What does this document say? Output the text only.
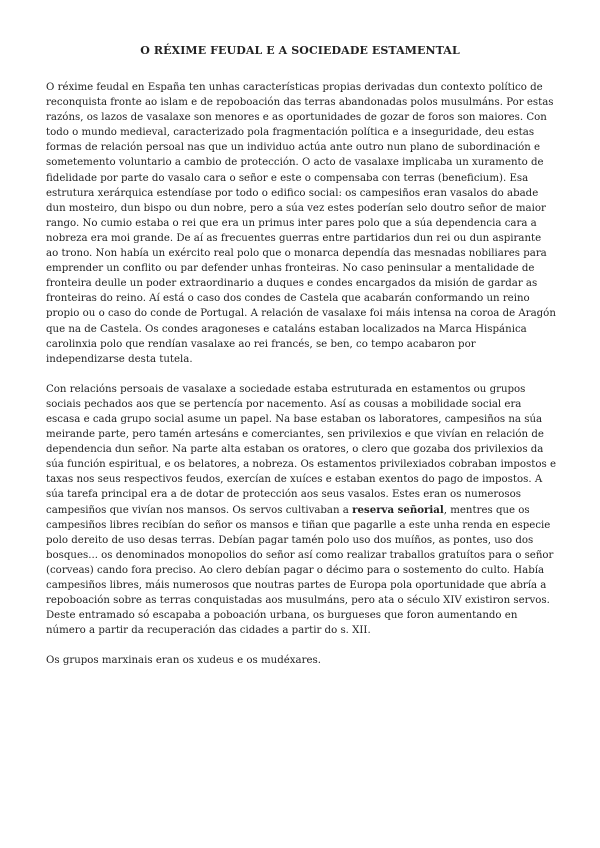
O RÉXIME FEUDAL E A SOCIEDADE ESTAMENTAL

O réxime feudal en España ten unhas características propias derivadas dun contexto político de reconquista fronte ao islam e de repoboación das terras abandonadas polos musulmáns. Por estas razóns, os lazos de vasalaxe son menores e as oportunidades de gozar de foros son maiores. Con todo o mundo medieval, caracterizado pola fragmentación política e a inseguridade, deu estas formas de relación persoal nas que un individuo actúa ante outro nun plano de subordinación e sometemento voluntario a cambio de protección. O acto de vasalaxe implicaba un xuramento de fidelidade por parte do vasalo cara o señor e este o compensaba con terras (beneficium). Esa estrutura xerárquica estendíase por todo o edifico social: os campesiños eran vasalos do abade dun mosteiro, dun bispo ou dun nobre, pero a súa vez estes poderían selo doutro señor de maior rango. No cumio estaba o rei que era un primus inter pares polo que a súa dependencia cara a nobreza era moi grande. De aí as frecuentes guerras entre partidarios dun rei ou dun aspirante ao trono. Non había un exército real polo que o monarca dependía das mesnadas nobiliares para emprender un conflito ou par defender unhas fronteiras. No caso peninsular a mentalidade de fronteira deulle un poder extraordinario a duques e condes encargados da misión de gardar as fronteiras do reino. Aí está o caso dos condes de Castela que acabarán conformando un reino propio ou o caso do conde de Portugal. A relación de vasalaxe foi máis intensa na coroa de Aragón que na de Castela. Os condes aragoneses e cataláns estaban localizados na Marca Hispánica carolinxia polo que rendían vasalaxe ao rei francés, se ben, co tempo acabaron por independizarse desta tutela.

Con relacións persoais de vasalaxe a sociedade estaba estruturada en estamentos ou grupos sociais pechados aos que se pertencía por nacemento. Así as cousas a mobilidade social era escasa e cada grupo social asume un papel. Na base estaban os laboratores, campesiños na súa meirande parte, pero tamén artesáns e comerciantes, sen privilexios e que vivían en relación de dependencia dun señor. Na parte alta estaban os oratores, o clero que gozaba dos privilexios da súa función espiritual, e os belatores, a nobreza. Os estamentos privilexiados cobraban impostos e taxas nos seus respectivos feudos, exercían de xuíces e estaban exentos do pago de impostos. A súa tarefa principal era a de dotar de protección aos seus vasalos. Estes eran os numerosos campesiños que vivían nos mansos. Os servos cultivaban a reserva señorial, mentres que os campesiños libres recibían do señor os mansos e tiñan que pagarlle a este unha renda en especie polo dereito de uso desas terras. Debían pagar tamén polo uso dos muíños, as pontes, uso dos bosques... os denominados monopolios do señor así como realizar traballos gratuítos para o señor (corveas) cando fora preciso. Ao clero debían pagar o décimo para o sostemento do culto. Había campesiños libres, máis numerosos que noutras partes de Europa pola oportunidade que abría a repoboación sobre as terras conquistadas aos musulmáns, pero ata o século XIV existiron servos. Deste entramado só escapaba a poboación urbana, os burgueses que foron aumentando en número a partir da recuperación das cidades a partir do s. XII.

Os grupos marxinais eran os xudeus e os mudéxares.
